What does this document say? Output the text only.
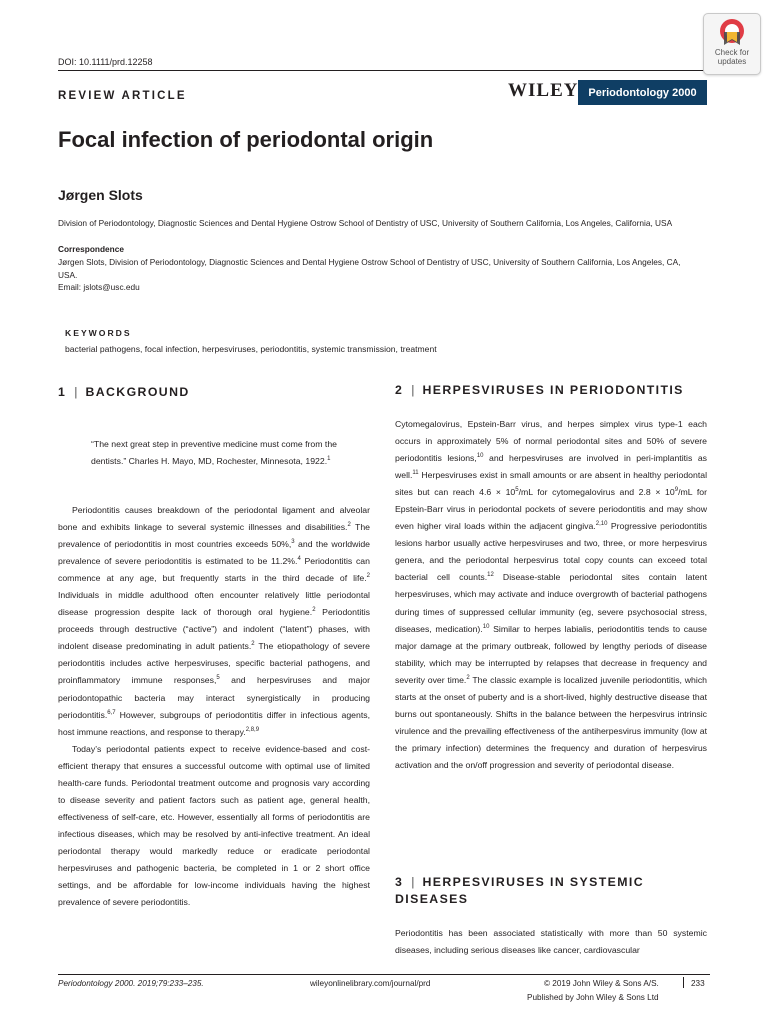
DOI: 10.1111/prd.12258
Check for
updates
REVIEW ARTICLE	WILEY Periodontology 2000
Focal infection of periodontal origin
Jørgen Slots
Division of Periodontology, Diagnostic Sciences and Dental Hygiene Ostrow School of Dentistry of USC, University of Southern California, Los Angeles, California, USA
Correspondence
Jørgen Slots, Division of Periodontology, Diagnostic Sciences and Dental Hygiene Ostrow School of Dentistry of USC, University of Southern California, Los Angeles, CA, USA.
Email: jslots@usc.edu
KEYWORDS
bacterial pathogens, focal infection, herpesviruses, periodontitis, systemic transmission, treatment
1 | BACKGROUND
“The next great step in preventive medicine must come from the dentists.” Charles H. Mayo, MD, Rochester, Minnesota, 1922.$^1$

Periodontitis causes breakdown of the periodontal ligament and alveolar bone and exhibits linkage to several systemic illnesses and disabilities.$^2$ The prevalence of periodontitis in most countries exceeds 50%,$^3$ and the worldwide prevalence of severe periodontitis is estimated to be 11.2%.$^4$ Periodontitis can commence at any age, but frequently starts in the third decade of life.$^2$ Individuals in middle adulthood often encounter relatively little periodontal disease progression despite lack of thorough oral hygiene.$^2$ Periodontitis proceeds through destructive (“active”) and indolent (“latent”) phases, with indolent disease predominating in adult patients.$^2$ The etiopathology of severe periodontitis includes active herpesviruses, specific bacterial pathogens, and proinflammatory immune responses,$^5$ and herpesviruses and major periodontopathic bacteria may interact synergistically in producing periodontitis.$^{6,7}$ However, subgroups of periodontitis differ in infectious agents, host immune reactions, and response to therapy.$^{2,8,9}$

Today’s periodontal patients expect to receive evidence-based and cost-efficient therapy that ensures a successful outcome with optimal use of limited health-care funds. Periodontal treatment outcome and prognosis vary according to disease severity and patient factors such as patient age, general health, effectiveness of self-care, etc. However, essentially all forms of periodontitis are infectious diseases, which may be resolved by anti-infective treatment. An ideal periodontal therapy would markedly reduce or eradicate periodontal herpesviruses and pathogenic bacteria, be completed in 1 or 2 short office settings, and be affordable for low-income individuals having the highest prevalence of severe periodontitis.

2 | HERPESVIRUSES IN PERIODONTITIS

Cytomegalovirus, Epstein-Barr virus, and herpes simplex virus type-1 each occurs in approximately 5% of normal periodontal sites and 50% of severe periodontitis lesions,$^{10}$ and herpesviruses are involved in peri-implantitis as well.$^{11}$ Herpesviruses exist in small amounts or are absent in healthy periodontal sites but can reach $4.6 \times 10^5/mL$ for cytomegalovirus and $2.8 \times 10^9/mL$ for Epstein-Barr virus in periodontal pockets of severe periodontitis and may show even higher viral loads within the adjacent gingiva.$^{2,10}$ Progressive periodontitis lesions harbor usually active herpesviruses and two, three, or more herpesvirus genera, and the periodontal herpesvirus total copy counts can exceed total bacterial cell counts.$^{12}$ Disease-stable periodontal sites contain latent herpesviruses, which may activate and induce overgrowth of bacterial pathogens during times of suppressed cellular immunity (eg, severe psychosocial stress, diseases, medication).$^{10}$ Similar to herpes labialis, periodontitis tends to cause major damage at the primary outbreak, followed by lengthy periods of disease stability, which may be interrupted by relapses that decrease in frequency and severity over time.$^2$ The classic example is localized juvenile periodontitis, which starts at the onset of puberty and is a short-lived, highly destructive disease that burns out spontaneously. Shifts in the balance between the herpesvirus intrinsic virulence and the prevailing effectiveness of the antiherpesvirus immunity (low at the primary infection) determines the frequency and duration of herpesvirus activation and the on/off progression and severity of periodontal disease.

3 | HERPESVIRUSES IN SYSTEMIC
DISEASES

Periodontitis has been associated statistically with more than 50 systemic diseases, including serious diseases like cancer, cardiovascular

Periodontology 2000. 2019;79:233–235.	wileyonlinelibrary.com/journal/prd	© 2019 John Wiley & Sons A/S.	233
Published by John Wiley & Sons Ltd
